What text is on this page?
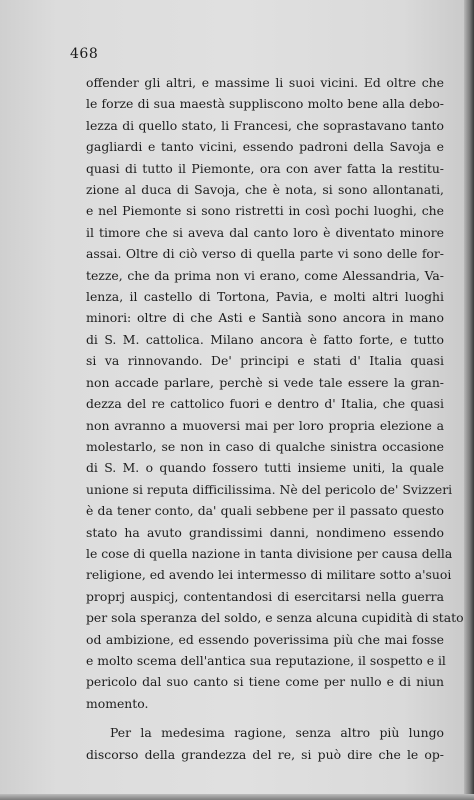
468
offender gli altri, e massime li suoi vicini. Ed oltre che
le forze di sua maestà suppliscono molto bene alla debo-
lezza di quello stato, li Francesi, che soprastavano tanto
gagliardi e tanto vicini, essendo padroni della Savoja e
quasi di tutto il Piemonte, ora con aver fatta la restitu-
zione al duca di Savoja, che è nota, si sono allontanati,
e nel Piemonte si sono ristretti in così pochi luoghi, che
il timore che si aveva dal canto loro è diventato minore
assai. Oltre di ciò verso di quella parte vi sono delle for-
tezze, che da prima non vi erano, come Alessandria, Va-
lenza, il castello di Tortona, Pavia, e molti altri luoghi
minori: oltre di che Asti e Santià sono ancora in mano
di S. M. cattolica. Milano ancora è fatto forte, e tutto
si va rinnovando. De' principi e stati d' Italia quasi
non accade parlare, perchè si vede tale essere la gran-
dezza del re cattolico fuori e dentro d' Italia, che quasi
non avranno a muoversi mai per loro propria elezione a
molestarlo, se non in caso di qualche sinistra occasione
di S. M. o quando fossero tutti insieme uniti, la quale
unione si reputa difficilissima. Nè del pericolo de' Svizzeri
è da tener conto, da' quali sebbene per il passato questo
stato ha avuto grandissimi danni, nondimeno essendo
le cose di quella nazione in tanta divisione per causa della
religione, ed avendo lei intermesso di militare sotto a'suoi
proprj auspicj, contentandosi di esercitarsi nella guerra
per sola speranza del soldo, e senza alcuna cupidità di stato
od ambizione, ed essendo poverissima più che mai fosse
e molto scema dell'antica sua reputazione, il sospetto e il
pericolo dal suo canto si tiene come per nullo e di niun
momento.
Per la medesima ragione, senza altro più lungo
discorso della grandezza del re, si può dire che le op-
